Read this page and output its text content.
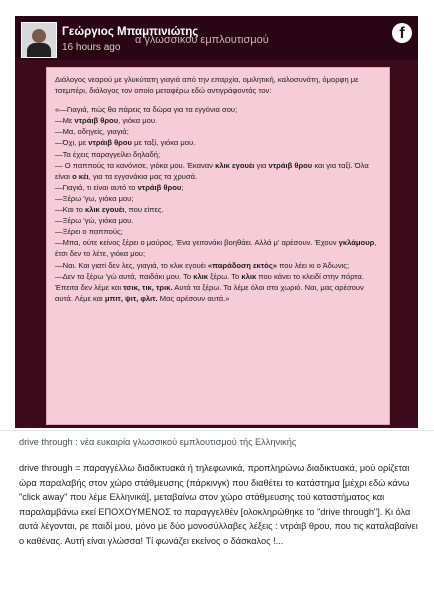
α γλωσσικού εμπλουτισμού
Γεώργιος Μπαμπινιώτης
16 hours ago
f

Διάλογος νεαρού με γλυκύτατη γιαγιά από την επαρχία, ομιλητική, καλοσυνάτη, όμορφη με τσεμπέρι, διάλογος τον οποίο μεταφέρω εδώ αντιγράφοντάς τον:

«—Γιαγιά, πώς θα πάρεις τα δώρα για τα εγγόνια σου;

—Με ντράιβ θρου, γιόκα μου.

—Μα, οδηγείς, γιαγιά;

—Όχι, με ντράιβ θρου με ταξί, γιόκα μου.

—Τα έχεις παραγγείλει δηλαδή;

— Ο παππούς τα κανόνισε, γιόκα μου. Έκαναν κλικ εγουέι για ντράιβ θρου και για ταξί. Όλα είναι ο κέι, για τα εγγονάκια μας τα χρυσά.

—Γιαγιά, τι είναι αυτό το ντράιβ θρου;

—Ξέρω 'γω, γιόκα μου;

—Και το κλικ εγουέι, που είπες.

—Ξέρω 'γώ, γιόκα μου.

—Ξέρει ο παππούς;

—Μπα, ούτε κείνος ξέρει ο μαύρος. Ένα γειτονάκι βοηθάει. Αλλά μ' αρέσουν. Έχουν γκλάμουρ, έτσι δεν το λέτε, γιόκα μου;

—Ναι. Και γιατί δεν λες, γιαγιά, το κλικ εγουέι «παράδοση εκτός» που λέει κι ο Άδωνις;

—Δεν τα ξέρω 'γώ αυτά, παιδάκι μου. Το κλικ ξέρω. Το κλικ που κάνει το κλειδί στην πόρτα. Έπειτα δεν λέμε και τσικ, τικ, τρικ. Αυτά τα ξέρω. Τα λέμε όλοι στο χωριό. Ναι, μας αρέσουν αυτά. Λέμε και μπιτ, ψιτ, φλιτ. Μας αρέσουν αυτά.»

drive through : νέα ευκαιρία γλωσσικού εμπλουτισμού τής Ελληνικής

drive through = παραγγέλλω διαδικτυακά ή τηλεφωνικά, προπληρώνω διαδικτυακά, μού ορίζεται ώρα παραλαβής στον χώρο στάθμευσης (πάρκινγκ) που διαθέτει το κατάστημα [μέχρι εδώ κάνω "click away" που λέμε Ελληνικά], μεταβαίνω στον χώρο στάθμευσης τού καταστήματος και παραλαμβάνω εκεί ΕΠΟΧΟΥΜΕΝΟΣ το παραγγελθέν [ολοκληρώθηκε το "drive through"]. Κι όλα αυτά λέγονται, ρε παιδί μου, μόνο με δύο μονοσύλλαβες λέξεις : ντράιβ θρου, που τις καταλαβαίνει ο καθένας. Αυτή είναι γλώσσα! Τί φωνάζει εκείνος ο δάσκαλος !...
